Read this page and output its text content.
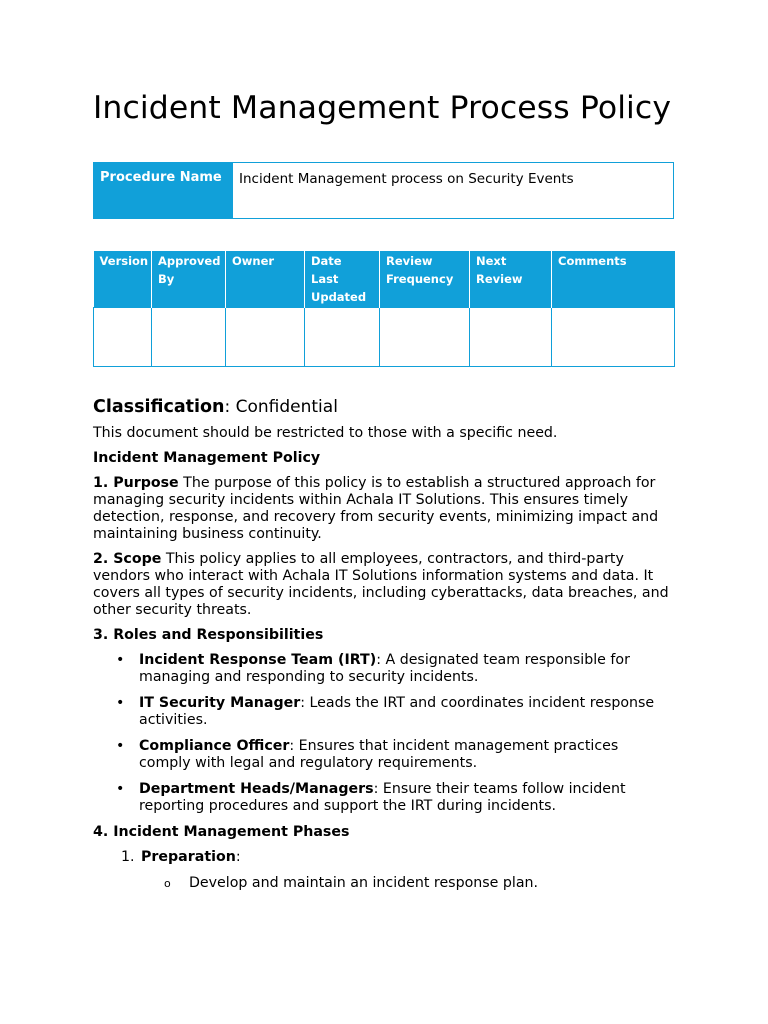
Incident Management Process Policy
Procedure Name	Incident Management process on Security Events
Version	Approved By	Owner	Date Last Updated	Review Frequency	Next Review	Comments

Classification: Confidential

This document should be restricted to those with a specific need.

Incident Management Policy

1. Purpose The purpose of this policy is to establish a structured approach for managing security incidents within Achala IT Solutions. This ensures timely detection, response, and recovery from security events, minimizing impact and maintaining business continuity.

2. Scope This policy applies to all employees, contractors, and third-party vendors who interact with Achala IT Solutions information systems and data. It covers all types of security incidents, including cyberattacks, data breaches, and other security threats.

3. Roles and Responsibilities

• Incident Response Team (IRT): A designated team responsible for managing and responding to security incidents.
• IT Security Manager: Leads the IRT and coordinates incident response activities.
• Compliance Officer: Ensures that incident management practices comply with legal and regulatory requirements.
• Department Heads/Managers: Ensure their teams follow incident reporting procedures and support the IRT during incidents.

4. Incident Management Phases

1. Preparation:
o Develop and maintain an incident response plan.
